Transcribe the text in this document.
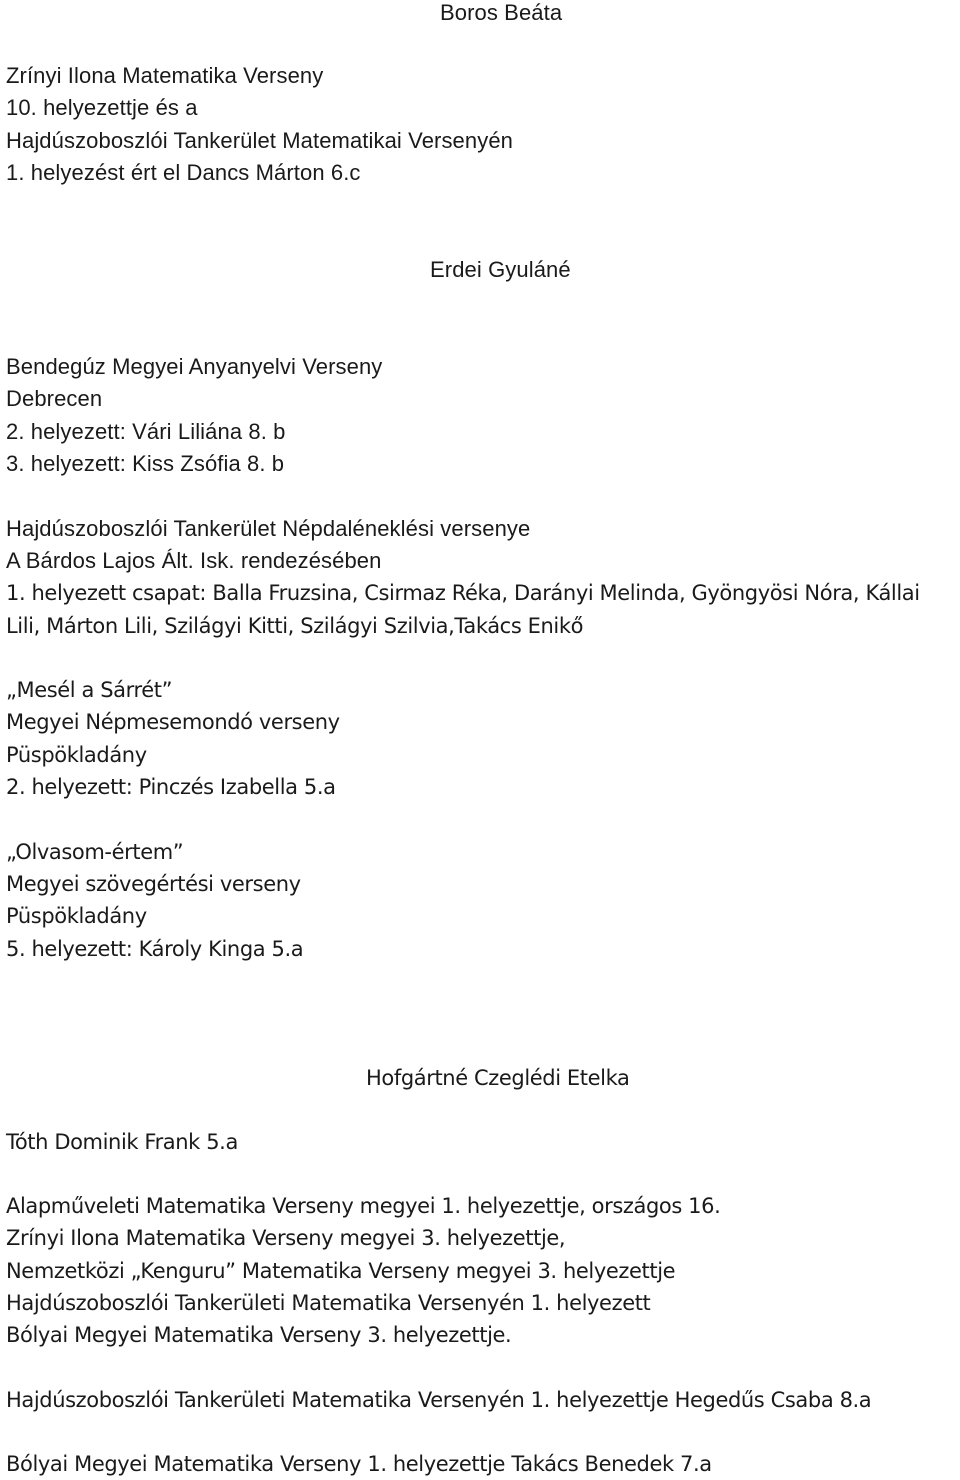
Boros Beáta
Zrínyi Ilona Matematika Verseny
10. helyezettje és a
Hajdúszoboszlói Tankerület Matematikai Versenyén
1. helyezést ért el Dancs Márton 6.c
Erdei Gyuláné
Bendegúz Megyei Anyanyelvi Verseny
Debrecen
2. helyezett: Vári Liliána 8. b
3. helyezett: Kiss Zsófia 8. b
Hajdúszoboszlói Tankerület Népdaléneklési versenye
A Bárdos Lajos Ált. Isk. rendezésében
1. helyezett csapat: Balla Fruzsina, Csirmaz Réka, Darányi Melinda, Gyöngyösi Nóra, Kállai
Lili, Márton Lili, Szilágyi Kitti, Szilágyi Szilvia,Takács Enikő
„Mesél a Sárrét”
Megyei Népmesemondó verseny
Püspökladány
2. helyezett: Pinczés Izabella 5.a
„Olvasom-értem”
Megyei szövegértési verseny
Püspökladány
5. helyezett: Károly Kinga 5.a
Hofgártné Czeglédi Etelka
Tóth Dominik Frank 5.a
Alapműveleti Matematika Verseny megyei 1. helyezettje, országos 16.
Zrínyi Ilona Matematika Verseny megyei 3. helyezettje,
Nemzetközi „Kenguru” Matematika Verseny megyei 3. helyezettje
Hajdúszoboszlói Tankerületi Matematika Versenyén 1. helyezett
Bólyai Megyei Matematika Verseny 3. helyezettje.
Hajdúszoboszlói Tankerületi Matematika Versenyén 1. helyezettje Hegedűs Csaba 8.a
Bólyai Megyei Matematika Verseny 1. helyezettje Takács Benedek 7.a
